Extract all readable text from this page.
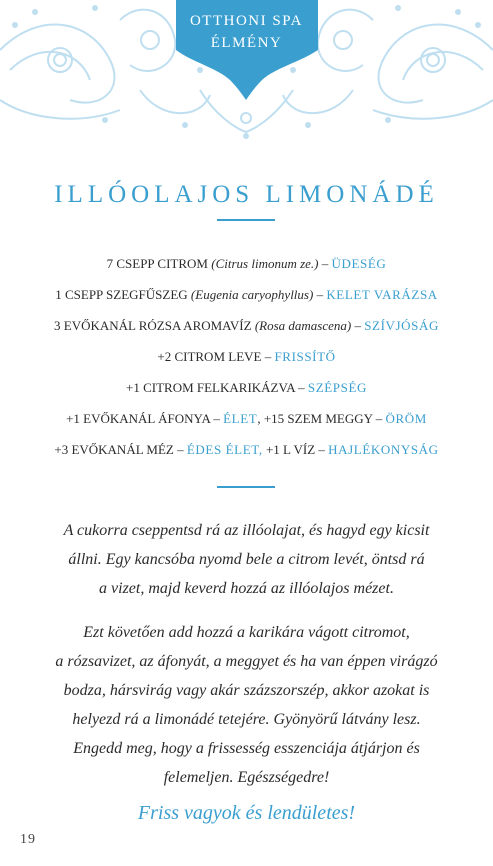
OTTHONI SPA
ÉLMÉNY
ILLÓOLAJOS LIMONÁDÉ
7 CSEPP CITROM (Citrus limonum ze.) – ÜDESÉG
1 CSEPP SZEGFŰSZEG (Eugenia caryophyllus) – KELET VARÁZSA
3 EVŐKANÁL RÓZSA AROMAVÍZ (Rosa damascena) – SZÍVJÓSÁG
+2 CITROM LEVE – FRISSÍTŐ
+1 CITROM FELKARIKÁZVA – SZÉPSÉG
+1 EVŐKANÁL ÁFONYA – ÉLET, +15 SZEM MEGGY – ÖRÖM
+3 EVŐKANÁL MÉZ – ÉDES ÉLET, +1 L VÍZ – HAJLÉKONYSÁG
A cukorra cseppentsd rá az illóolajat, és hagyd egy kicsit
állni. Egy kancsóba nyomd bele a citrom levét, öntsd rá
a vizet, majd keverd hozzá az illóolajos mézet.
Ezt követően add hozzá a karikára vágott citromot,
a rózsavizet, az áfonyát, a meggyet és ha van éppen virágzó
bodza, hársvirág vagy akár százszorszép, akkor azokat is
helyezd rá a limonádé tetejére. Gyönyörű látvány lesz.
Engedd meg, hogy a frissesség esszenciája átjárjon és
felemeljen. Egészségedre!
Friss vagyok és lendületes!
19
